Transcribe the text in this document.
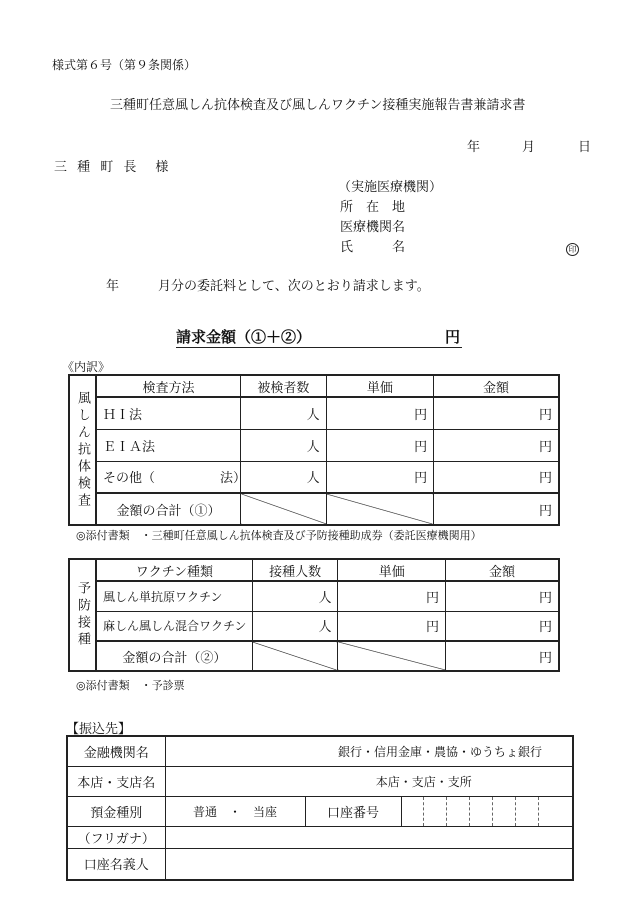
様式第６号（第９条関係）
三種町任意風しん抗体検査及び風しんワクチン接種実施報告書兼請求書
年	月	日
三 種 町 長　様
（実施医療機関）
所　在　地
医療機関名
氏　　　名	印
年	月分の委託料として、次のとおり請求します。
請求金額（①＋②）	円
《内訳》
風しん抗体検査	検査方法	被検者数	単価	金額
	ＨＩ法	人	円	円
	ＥＩＡ法	人	円	円
	その他（　　　　　法）	人	円	円
	金額の合計（①）			円
◎添付書類　・三種町任意風しん抗体検査及び予防接種助成券（委託医療機関用）
予防接種	ワクチン種類	接種人数	単価	金額
	風しん単抗原ワクチン	人	円	円
	麻しん風しん混合ワクチン	人	円	円
	金額の合計（②）			円
◎添付書類　・予診票
【振込先】
金融機関名	銀行・信用金庫・農協・ゆうちょ銀行								
本店・支店名	本店・支店・支所								
預金種別	普通　・　当座	口座番号							
（フリガナ）									
口座名義人									
